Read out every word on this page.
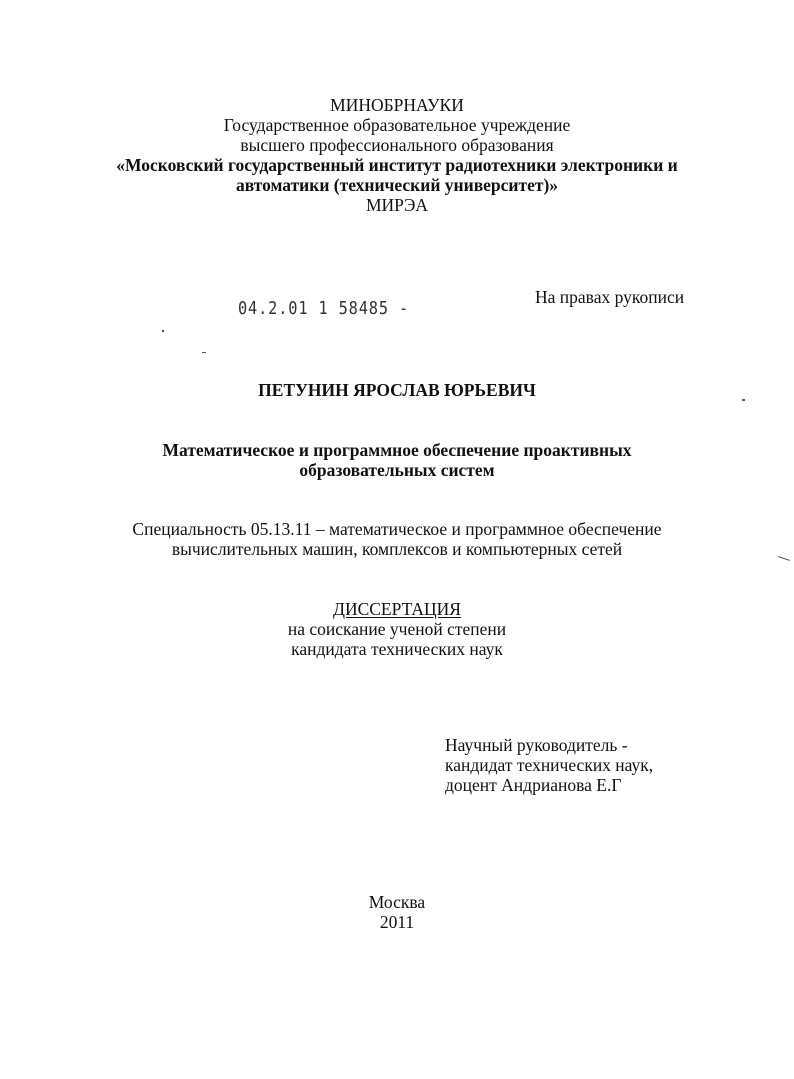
МИНОБРНАУКИ
Государственное образовательное учреждение
высшего профессионального образования
«Московский государственный институт радиотехники электроники и
автоматики (технический университет)»
МИРЭА
04.2.01 1 58485 -
На правах рукописи
ПЕТУНИН ЯРОСЛАВ ЮРЬЕВИЧ
Математическое и программное обеспечение проактивных
образовательных систем
Специальность 05.13.11 – математическое и программное обеспечение
вычислительных машин, комплексов и компьютерных сетей
ДИССЕРТАЦИЯ
на соискание ученой степени
кандидата технических наук
Научный руководитель -
кандидат технических наук,
доцент Андрианова Е.Г
Москва
2011
